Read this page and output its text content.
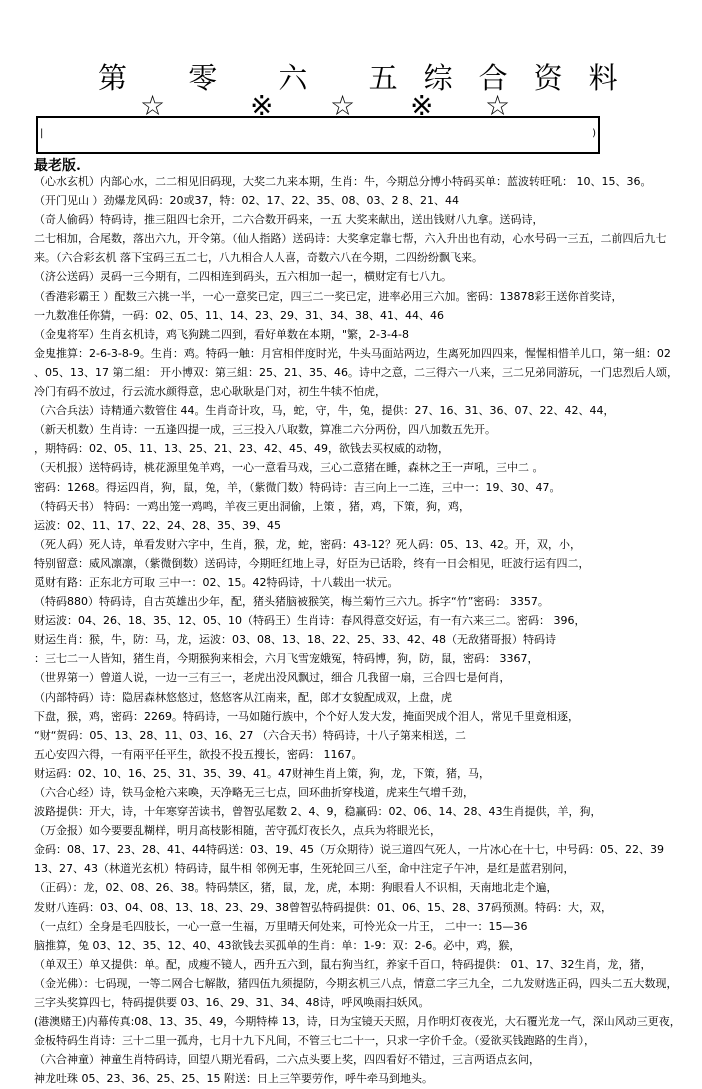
第 零 六 五综合资料
☆	※ ☆ ※ ☆
|	)
最老版.
（心水玄机）内部心水，二二相见旧码现，大奖二九来本期，生肖：牛，今期总分博小特码买单：蓝波转旺吼： 10、15、36。
（开门见山 ）劲爆龙风码：20或37，特：02、17、22、35、08、03、2 8、21、44
（奇人偷码）特码诗，推三阻四七余开，二六合数开码来，一五 大奖来献出，送出钱财八九拿。送码诗，
二七相加，合尾数，落出六九，开令第。（仙人指路）送码诗：大奖拿定靠七帮，六入升出也有动，心水号码一三五，二前四后九七
来。（六合彩玄机 落下宝码三五二七，八九相合人人喜，奇数六八在今期，二四纷纷飘飞来。
（济公送码）灵码一三今期有，二四相连到码头，五六相加一起一，横财定有七八九。
（香港彩霸王 ）配数三六挑一半，一心一意奖已定，四三二一奖已定，进率必用三六加。密码：13878彩王送你首奖诗，
一九数准任你猜，一码：02、05、11、14、23、29、31、34、38、41、44、46
（金鬼将军）生肖玄机诗，鸡飞狗跳二四到，看好单数在本期，"繁，2-3-4-8
金鬼推算：2-6-3-8-9。生肖：鸡。特码一触：月宫相伴度时光，牛头马面站两边，生离死加四四来，惺惺相惜羊儿口，第一組：02
、05、13、17 第二組： 开小博双：第三組：25、21、35、46。诗中之意，二三得六一八来，三二兄弟同游玩，一门忠烈后人颂，
冷门有码不放过，行云流水颜得意，忠心耿耿是门对，初生牛犊不怕虎，
（六合兵法）诗精通六数管住 44。生肖奇计攻，马，蛇，守，牛，兔，提供：27、16、31、36、07、22、42、44，
（新天机数）生肖诗：一五逢四提一成，三三投入八取数，算准二六分两份，四八加数五先开。
，期特码：02、05、11、13、25、21、23、42、45、49，欲钱去买权威的动物，
（天机报）送特码诗，桃花源里兔羊鸡，一心一意看马戏，三心二意猪在睡，森林之王一声吼，三中二 。
密码：1268。得运四肖，狗，鼠，兔，羊，（紫微门数）特码诗：吉三向上一二连，三中一：19、30、47。
（特码天书） 特码：一鸡出笼一鸡鸣，羊夜三更出洞偷，上策 ，猪，鸡，下策，狗，鸡，
运波：02、11、17、22、24、28、35、39、45
（死人码）死人诗，单看发财六字中，生肖，猴，龙，蛇，密码：43-12？死人码：05、13、42。开，双，小，
特别留意：威风凛凛，（紫微倒数）送码诗，今期旺红地上寻，好臣为已话聆，终有一日会相见，旺波行运有四二，
觅财有路：正东北方可取 三中一：02、15。42特码诗，十八载出一状元。
（特码880）特码诗，自古英雄出少年，配，猪头猪脑被猴笑，梅兰菊竹三六九。拆字“竹”密码： 3357。
财运波：04、26、18、35、12、05、10（特码王）生肖诗：春风得意交好运，有一有六来三二。密码： 396，
财运生肖：猴，牛，防：马，龙，运波：03、08、13、18、22、25、33、42、48（无敌猪哥报）特码诗
：三七二一人皆知，猪生肖，今期猴狗来相会，六月飞雪宠娥冤，特码博，狗，防，鼠，密码： 3367，
（世界第一）曾道人说，一边一三有三一，老虎出没风飘过，细合 几我留一扇，三合四七是何肖，
（内部特码）诗：隐居森林悠悠过，悠悠客从江南来，配，郎才女貌配成双，上盘，虎
下盘，猴，鸡，密码：2269。特码诗，一马如随行族中，个个好人发大发，掩面哭成个泪人，常见千里竟相逐，
“财“贺码：05、13、28、11、03、16、27 （六合天书）特码诗，十八子第来相送，二
五心安四六得，一有兩平任平生，欲投不投五搜长，密码： 1167。
财运码：02、10、16、25、31、35、39、41。47财神生肖上策，狗，龙，下策，猪，马，
（六合心经）诗，铁马金枪六来喚，天净略无三七点，回环曲折穿栈道，虎来生气增千劲，
波路提供：开大，诗，十年寒穿苦读书，曾智弘尾数 2、4、9，稳赢码：02、06、14、28、43生肖提供，羊，狗，
（万金报）如今要要乱糊样，明月高枝影相随，苦守孤灯夜长久，点兵为将眼光长，
金码：08、17、23、28、41、44特码送：03、19、45（万众期待）说三道四气死人，一片冰心在十七，中号码：05、22、39
13、27、43（林道光玄机）特码诗，鼠牛相 邻例无事，生死轮回三八至，命中注定子午冲，是红是蓝君别问，
（正码）：龙，02、08、26、38。特码禁区，猪，鼠，龙，虎，本期：狗眼看人不识相，天南地北走个遍，
发财八连码：03、04、08、13、18、23、29、38曾智弘特码提供：01、06、15、28、37码预测。特码：大，双，
（一点红）全身是毛四肢长，一心一意一生福，万里晴天何处来，可怜光众一片王， 二中一：15—36
脑推算，兔 03、12、35、12、40、43欲钱去买孤单的生肖：单：1-9：双：2-6。必中，鸡，猴，
（单双王）单又提供：单。配，成瘦不镜人，西升五六到，鼠右狗当红，养家千百口，特码提供： 01、17、32生肖，龙，猪，
（金光佛）：七码现，一等二网合七解散，猪四伍九须提防，今期玄机三八点，情意二字三九全，二九发财选正码，四头二五大数现，
三字头奖算四七，特码提供要 03、16、29、31、34、48诗，呼风唤雨扫妖风。
(港澳赌王)内幕传真:08、13、35、49，今期特棒 13，诗，日为宝镜天天照，月作明灯夜夜光，大石覆光龙一气，深山风动三更夜，
金板特码生肖诗：三十二里一孤舟，七月十九下凡间，不管三七二十一，只求一字价千金。（爱欲买钱跑路的生肖），
（六合神童）神童生肖特码诗，回望八期光看码，二六点头要上奖，四四看好不错过，三言两语点玄问，
神龙吐珠 05、23、36、25、25、15 附送：日上三竿要劳作，呼牛牵马到地头。
